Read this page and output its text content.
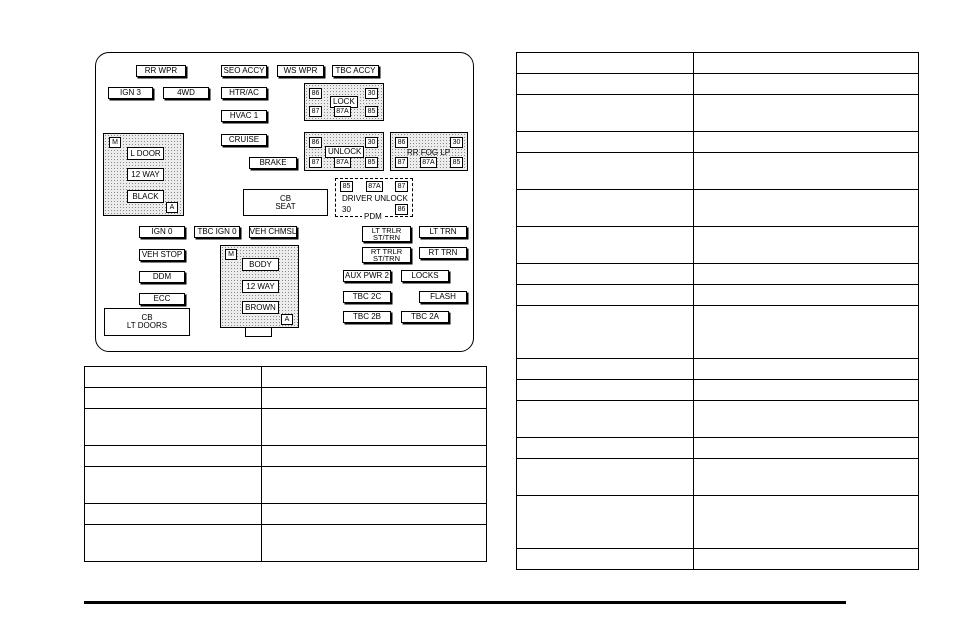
RR WPR	SEO ACCY	WS WPR	TBC ACCY
IGN 3	4WD	HTR/AC
HVAC 1
CRUISE
BRAKE
CB
SEAT
86	30
LOCK
87	87A	85
86	30
UNLOCK
87	87A	85
86	30
RR FOG LP
87	87A	85
85	87A	87
DRIVER UNLOCK
30	86
PDM
M
L DOOR
12 WAY
BLACK
A
IGN 0	TBC IGN 0	VEH CHMSL
VEH STOP
DDM
ECC
CB
LT DOORS
M
BODY
12 WAY
BROWN
A
LT TRLR
ST/TRN
LT TRN
RT TRLR
ST/TRN
RT TRN
AUX PWR 2	LOCKS
TBC 2C	FLASH
TBC 2B	TBC 2A
